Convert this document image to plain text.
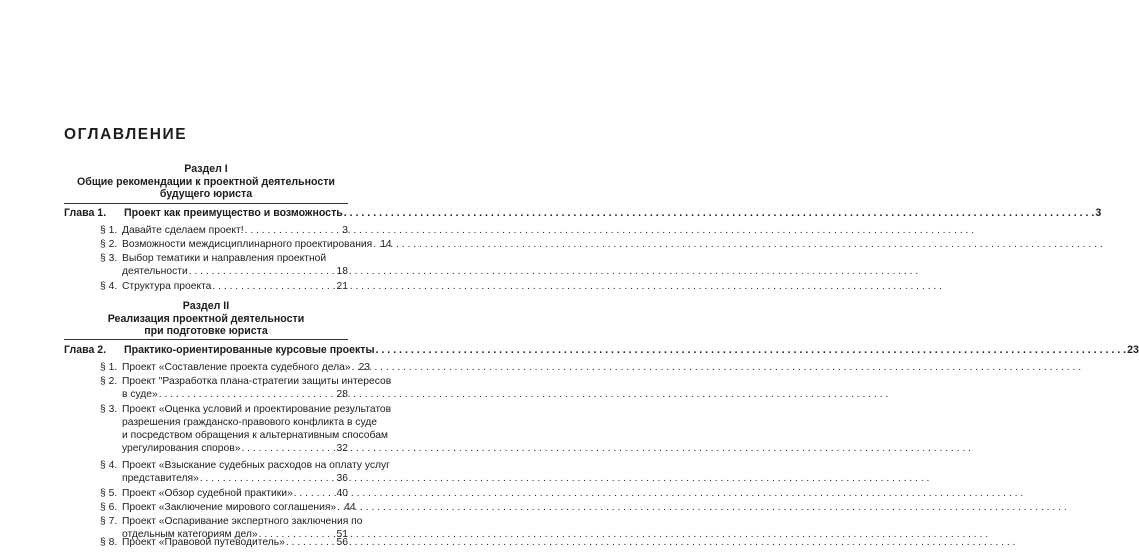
ОГЛАВЛЕНИЕ
Раздел I
Общие рекомендации к проектной деятельности
будущего юриста
Глава 1.	Проект как преимущество и возможность . . .	3
§ 1. Давайте сделаем проект! . . .	3
§ 2. Возможности междисциплинарного проектирования . . . 14
§ 3. Выбор тематики и направления проектной
деятельности . . .	18
§ 4. Структура проекта . . .	21
Раздел II
Реализация проектной деятельности
при подготовке юриста
Глава 2.	Практико-ориентированные курсовые проекты . . .	23
§ 1. Проект «Составление проекта судебного дела» . . . 23
§ 2. Проект "Разработка плана-стратегии защиты интересов
в суде» . . .	28
§ 3. Проект «Оценка условий и проектирование результатов
разрешения гражданско-правового конфликта в суде
и посредством обращения к альтернативным способам
урегулирования споров» . . .	32
§ 4. Проект «Взыскание судебных расходов на оплату услуг
представителя» . . .	36
§ 5. Проект «Обзор судебной практики» . . .	40
§ 6. Проект «Заключение мирового соглашения» . . . 44
§ 7. Проект «Оспаривание экспертного заключения по
отдельным категориям дел» . . .	51
§ 8. Проект «Правовой путеводитель» . . .	56
